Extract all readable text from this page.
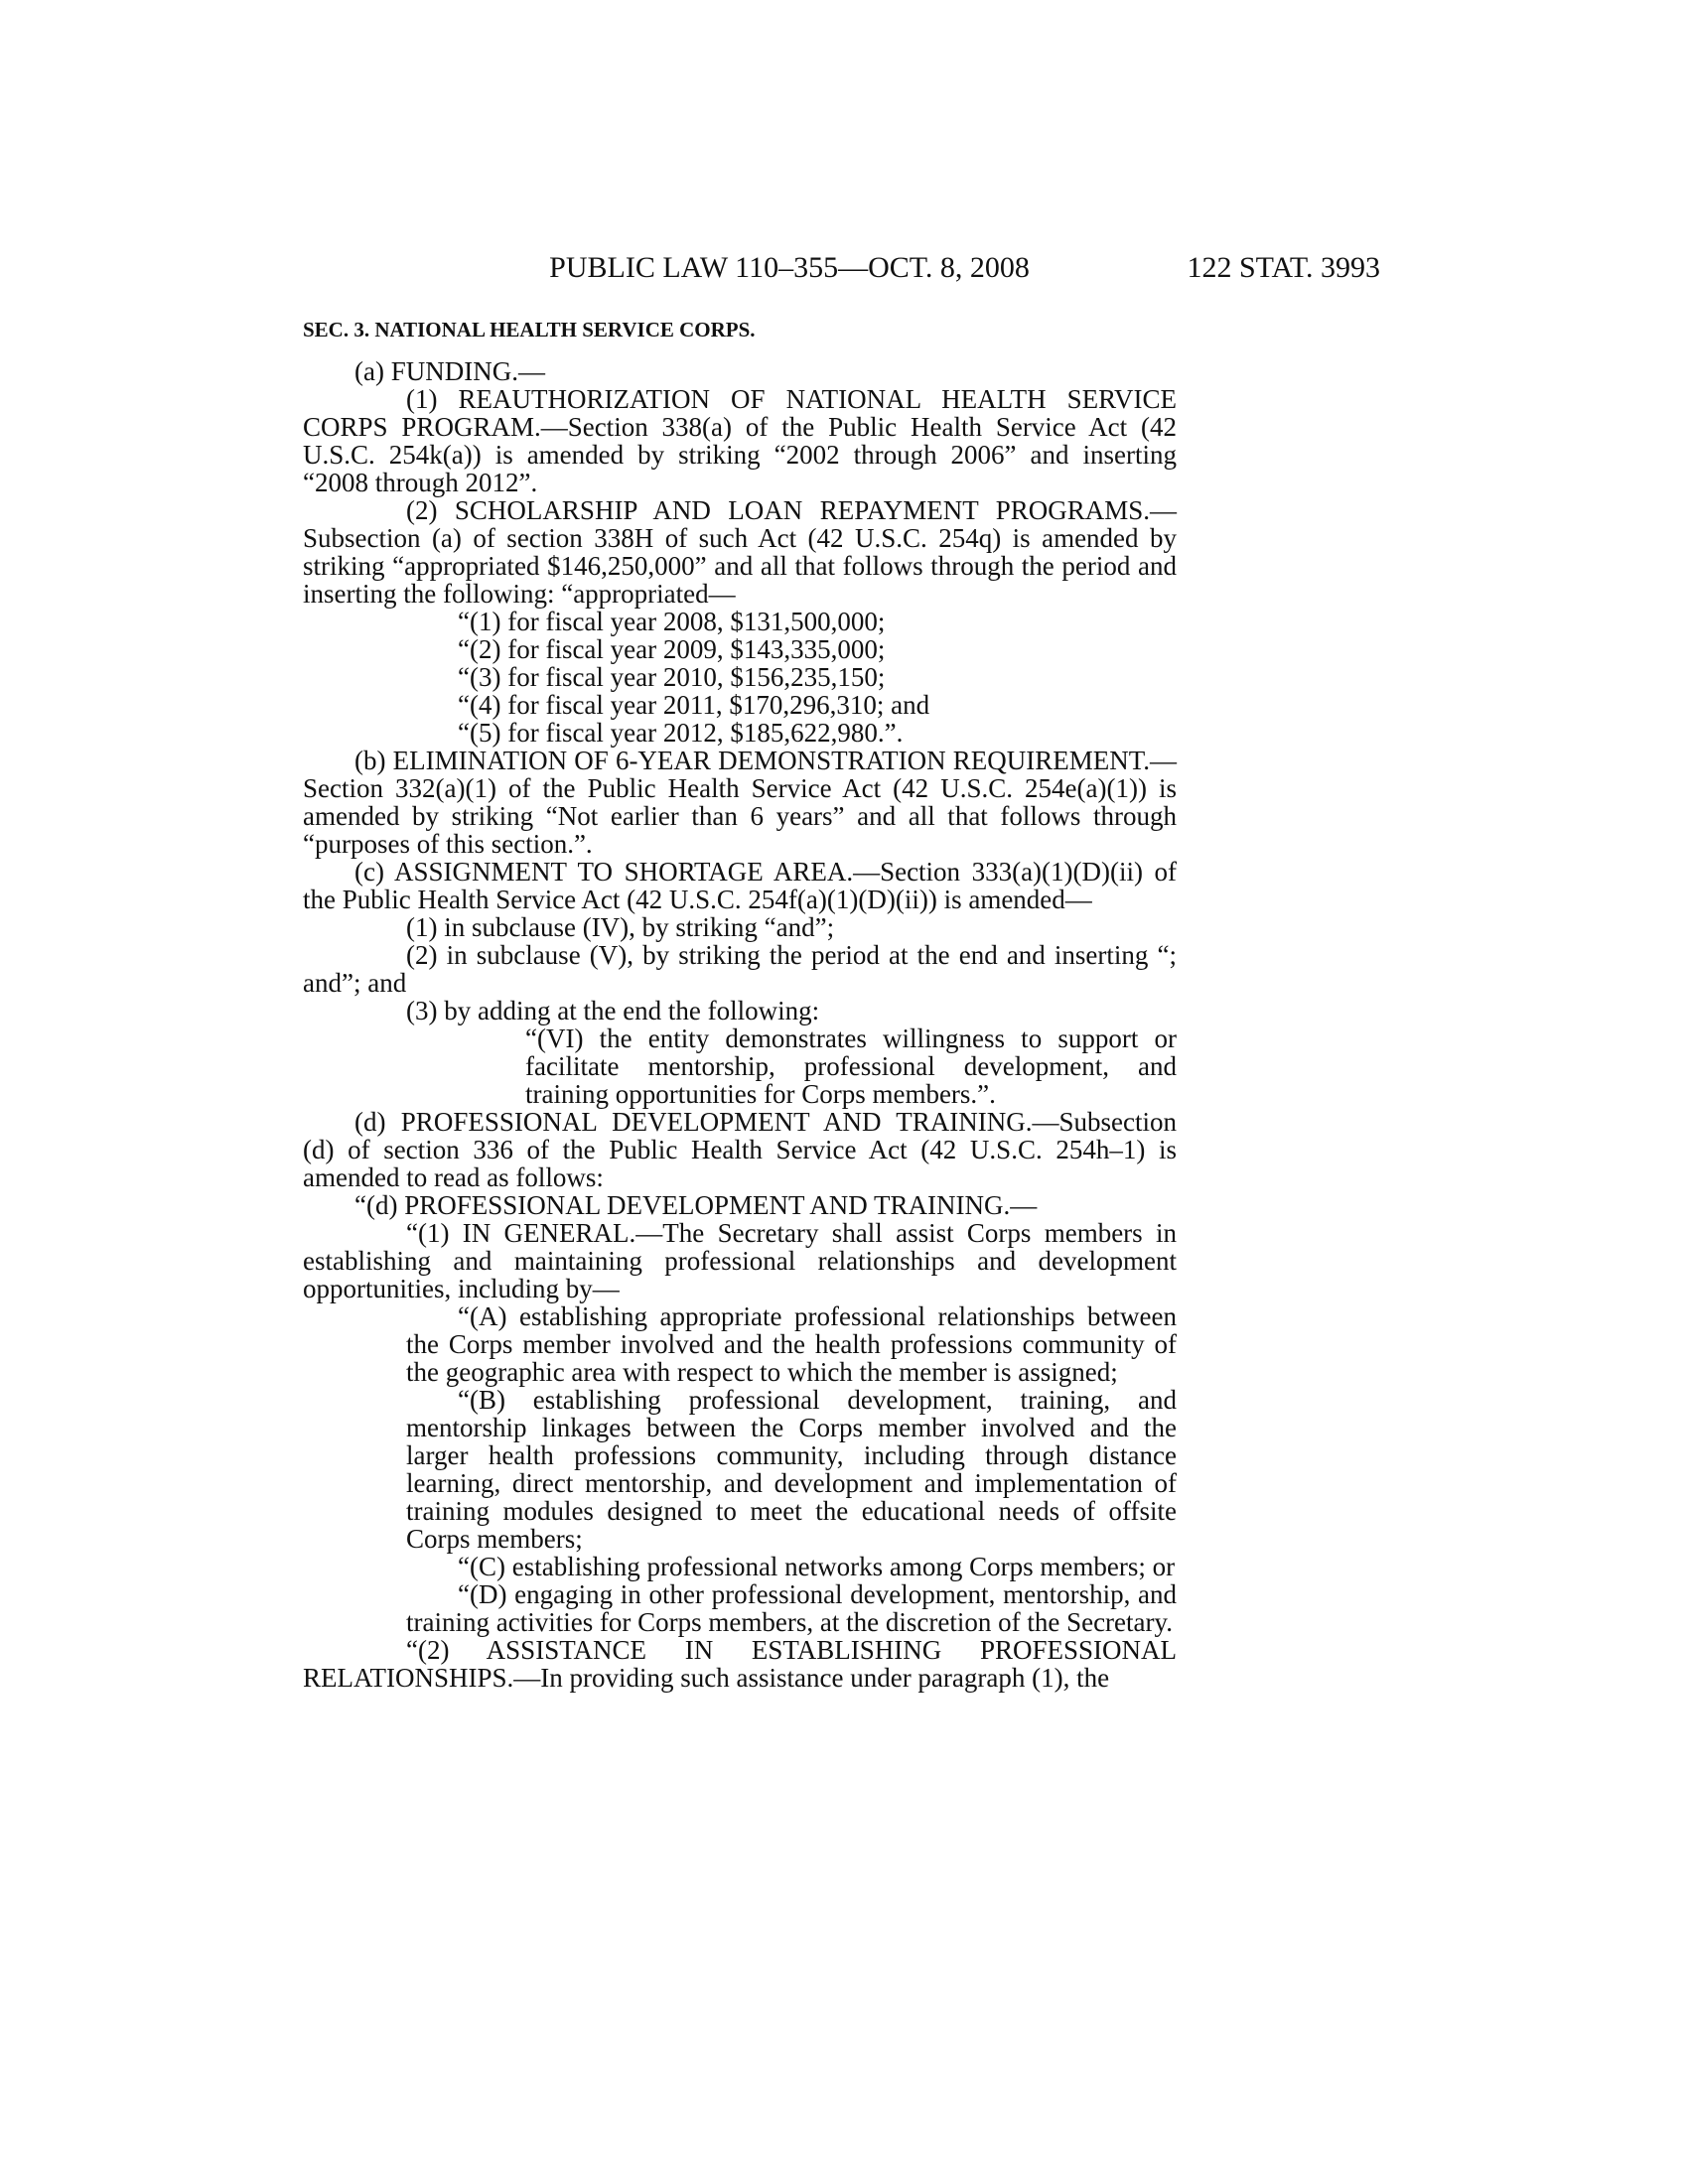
PUBLIC LAW 110–355—OCT. 8, 2008	122 STAT. 3993

SEC. 3. NATIONAL HEALTH SERVICE CORPS.

(a) FUNDING.—

(1) REAUTHORIZATION OF NATIONAL HEALTH SERVICE CORPS PROGRAM.—Section 338(a) of the Public Health Service Act (42 U.S.C. 254k(a)) is amended by striking “2002 through 2006” and inserting “2008 through 2012”.

(2) SCHOLARSHIP AND LOAN REPAYMENT PROGRAMS.—Subsection (a) of section 338H of such Act (42 U.S.C. 254q) is amended by striking “appropriated $146,250,000” and all that follows through the period and inserting the following: “appropriated—

“(1) for fiscal year 2008, $131,500,000;

“(2) for fiscal year 2009, $143,335,000;

“(3) for fiscal year 2010, $156,235,150;

“(4) for fiscal year 2011, $170,296,310; and

“(5) for fiscal year 2012, $185,622,980.”.

(b) ELIMINATION OF 6-YEAR DEMONSTRATION REQUIREMENT.—Section 332(a)(1) of the Public Health Service Act (42 U.S.C. 254e(a)(1)) is amended by striking “Not earlier than 6 years” and all that follows through “purposes of this section.”.

(c) ASSIGNMENT TO SHORTAGE AREA.—Section 333(a)(1)(D)(ii) of the Public Health Service Act (42 U.S.C. 254f(a)(1)(D)(ii)) is amended—

(1) in subclause (IV), by striking “and”;

(2) in subclause (V), by striking the period at the end and inserting “; and”; and

(3) by adding at the end the following:

“(VI) the entity demonstrates willingness to support or facilitate mentorship, professional development, and training opportunities for Corps members.”.

(d) PROFESSIONAL DEVELOPMENT AND TRAINING.—Subsection (d) of section 336 of the Public Health Service Act (42 U.S.C. 254h–1) is amended to read as follows:

“(d) PROFESSIONAL DEVELOPMENT AND TRAINING.—

“(1) IN GENERAL.—The Secretary shall assist Corps members in establishing and maintaining professional relationships and development opportunities, including by—

“(A) establishing appropriate professional relationships between the Corps member involved and the health professions community of the geographic area with respect to which the member is assigned;

“(B) establishing professional development, training, and mentorship linkages between the Corps member involved and the larger health professions community, including through distance learning, direct mentorship, and development and implementation of training modules designed to meet the educational needs of offsite Corps members;

“(C) establishing professional networks among Corps members; or

“(D) engaging in other professional development, mentorship, and training activities for Corps members, at the discretion of the Secretary.

“(2) ASSISTANCE IN ESTABLISHING PROFESSIONAL RELATIONSHIPS.—In providing such assistance under paragraph (1), the
